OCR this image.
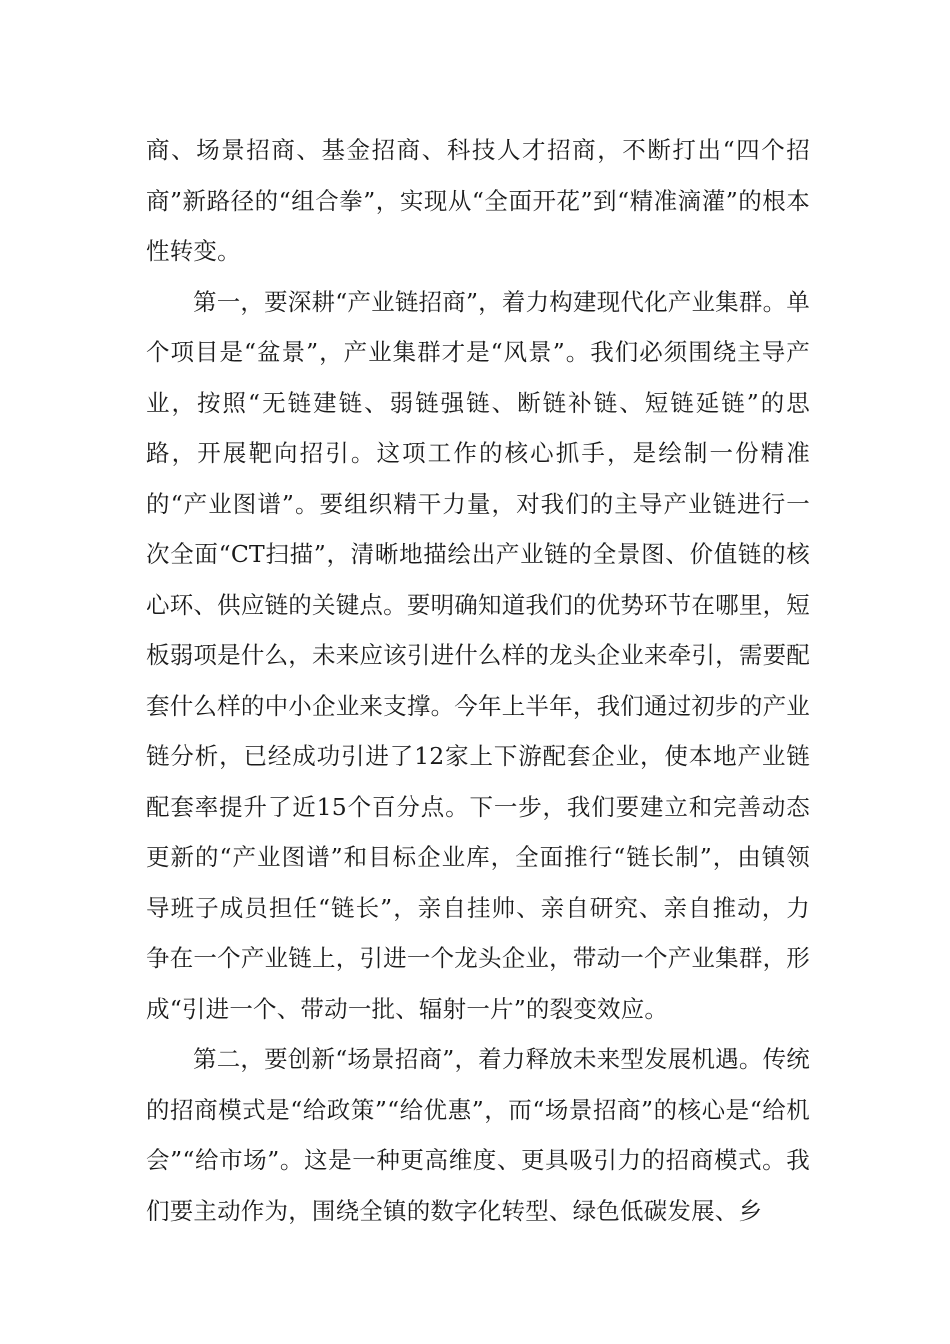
商、场景招商、基金招商、科技人才招商，不断打出“四个招商”新路径的“组合拳”，实现从“全面开花”到“精准滴灌”的根本性转变。

第一，要深耕“产业链招商”，着力构建现代化产业集群。单个项目是“盆景”，产业集群才是“风景”。我们必须围绕主导产业，按照“无链建链、弱链强链、断链补链、短链延链”的思路，开展靶向招引。这项工作的核心抓手，是绘制一份精准的“产业图谱”。要组织精干力量，对我们的主导产业链进行一次全面“CT扫描”，清晰地描绘出产业链的全景图、价值链的核心环、供应链的关键点。要明确知道我们的优势环节在哪里，短板弱项是什么，未来应该引进什么样的龙头企业来牵引，需要配套什么样的中小企业来支撑。今年上半年，我们通过初步的产业链分析，已经成功引进了12家上下游配套企业，使本地产业链配套率提升了近15个百分点。下一步，我们要建立和完善动态更新的“产业图谱”和目标企业库，全面推行“链长制”，由镇领导班子成员担任“链长”，亲自挂帅、亲自研究、亲自推动，力争在一个产业链上，引进一个龙头企业，带动一个产业集群，形成“引进一个、带动一批、辐射一片”的裂变效应。

第二，要创新“场景招商”，着力释放未来型发展机遇。传统的招商模式是“给政策”“给优惠”，而“场景招商”的核心是“给机会”“给市场”。这是一种更高维度、更具吸引力的招商模式。我们要主动作为，围绕全镇的数字化转型、绿色低碳发展、乡
